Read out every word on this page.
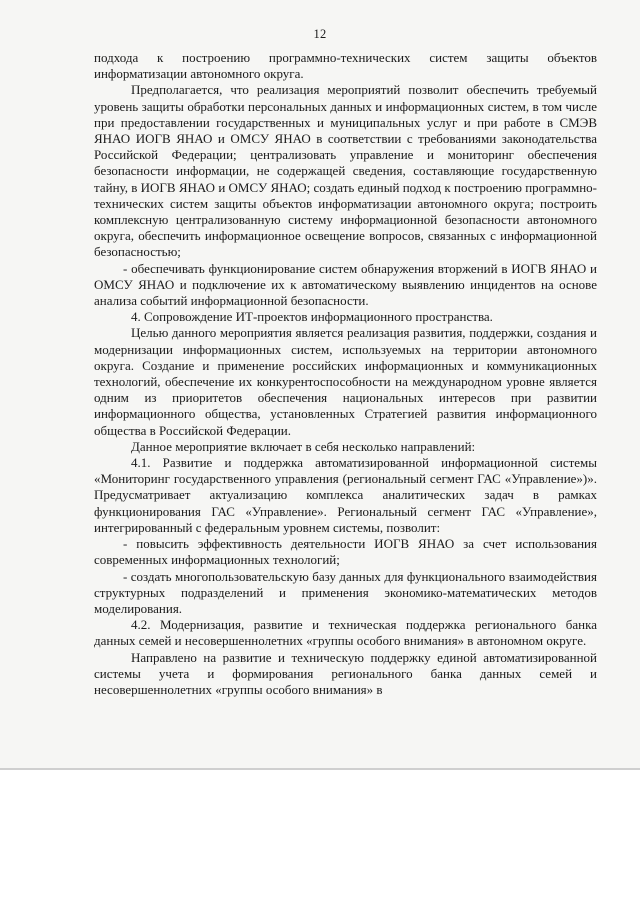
12

подхода к построению программно-технических систем защиты объектов информатизации автономного округа.

Предполагается, что реализация мероприятий позволит обеспечить требуемый уровень защиты обработки персональных данных и информационных систем, в том числе при предоставлении государственных и муниципальных услуг и при работе в СМЭВ ЯНАО ИОГВ ЯНАО и ОМСУ ЯНАО в соответствии с требованиями законодательства Российской Федерации; централизовать управление и мониторинг обеспечения безопасности информации, не содержащей сведения, составляющие государственную тайну, в ИОГВ ЯНАО и ОМСУ ЯНАО; создать единый подход к построению программно-технических систем защиты объектов информатизации автономного округа; построить комплексную централизованную систему информационной безопасности автономного округа, обеспечить информационное освещение вопросов, связанных с информационной безопасностью;

- обеспечивать функционирование систем обнаружения вторжений в ИОГВ ЯНАО и ОМСУ ЯНАО и подключение их к автоматическому выявлению инцидентов на основе анализа событий информационной безопасности.

4. Сопровождение ИТ-проектов информационного пространства.

Целью данного мероприятия является реализация развития, поддержки, создания и модернизации информационных систем, используемых на территории автономного округа. Создание и применение российских информационных и коммуникационных технологий, обеспечение их конкурентоспособности на международном уровне является одним из приоритетов обеспечения национальных интересов при развитии информационного общества, установленных Стратегией развития информационного общества в Российской Федерации.

Данное мероприятие включает в себя несколько направлений:

4.1. Развитие и поддержка автоматизированной информационной системы «Мониторинг государственного управления (региональный сегмент ГАС «Управление»)». Предусматривает актуализацию комплекса аналитических задач в рамках функционирования ГАС «Управление». Региональный сегмент ГАС «Управление», интегрированный с федеральным уровнем системы, позволит:

- повысить эффективность деятельности ИОГВ ЯНАО за счет использования современных информационных технологий;

- создать многопользовательскую базу данных для функционального взаимодействия структурных подразделений и применения экономико-математических методов моделирования.

4.2. Модернизация, развитие и техническая поддержка регионального банка данных семей и несовершеннолетних «группы особого внимания» в автономном округе.

Направлено на развитие и техническую поддержку единой автоматизированной системы учета и формирования регионального банка данных семей и несовершеннолетних «группы особого внимания» в
